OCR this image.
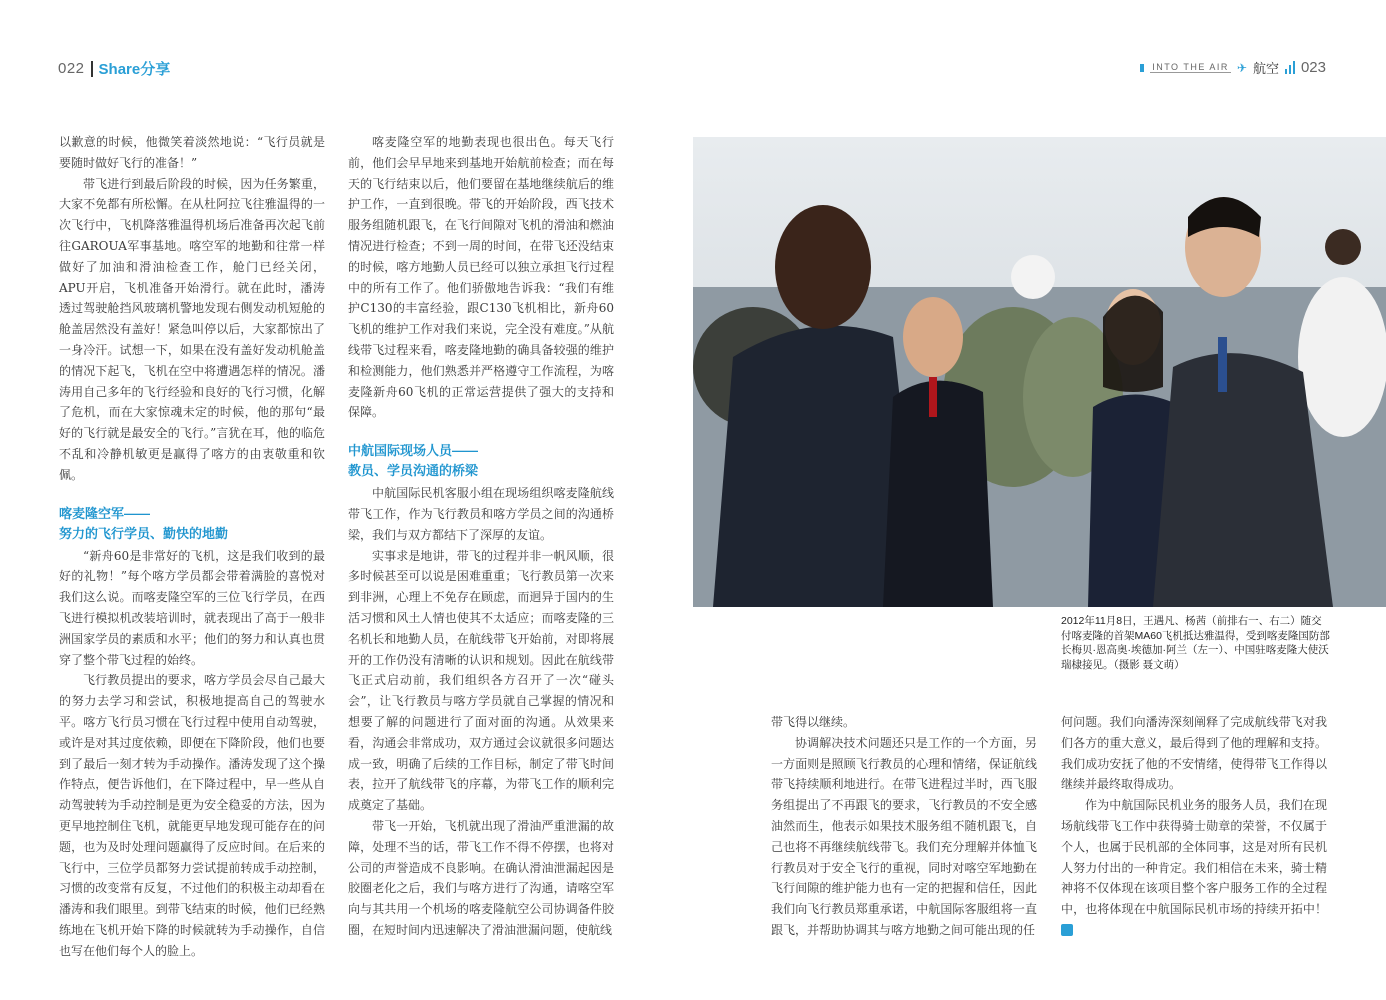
022 Share分享	INTO THE AIR ✈ 航空 023

以歉意的时候，他微笑着淡然地说：“飞行员就是要随时做好飞行的准备！”

带飞进行到最后阶段的时候，因为任务繁重，大家不免都有所松懈。在从杜阿拉飞往雅温得的一次飞行中，飞机降落雅温得机场后准备再次起飞前往GAROUA军事基地。喀空军的地勤和往常一样做好了加油和滑油检查工作，舱门已经关闭，APU开启，飞机准备开始滑行。就在此时，潘涛透过驾驶舱挡风玻璃机警地发现右侧发动机短舱的舱盖居然没有盖好！紧急叫停以后，大家都惊出了一身冷汗。试想一下，如果在没有盖好发动机舱盖的情况下起飞，飞机在空中将遭遇怎样的情况。潘涛用自己多年的飞行经验和良好的飞行习惯，化解了危机，而在大家惊魂未定的时候，他的那句“最好的飞行就是最安全的飞行。”言犹在耳，他的临危不乱和冷静机敏更是赢得了喀方的由衷敬重和钦佩。

喀麦隆空军——
努力的飞行学员、勤快的地勤

“新舟60是非常好的飞机，这是我们收到的最好的礼物！”每个喀方学员都会带着满脸的喜悦对我们这么说。而喀麦隆空军的三位飞行学员，在西飞进行模拟机改装培训时，就表现出了高于一般非洲国家学员的素质和水平；他们的努力和认真也贯穿了整个带飞过程的始终。

飞行教员提出的要求，喀方学员会尽自己最大的努力去学习和尝试，积极地提高自己的驾驶水平。喀方飞行员习惯在飞行过程中使用自动驾驶，或许是对其过度依赖，即便在下降阶段，他们也要到了最后一刻才转为手动操作。潘涛发现了这个操作特点，便告诉他们，在下降过程中，早一些从自动驾驶转为手动控制是更为安全稳妥的方法，因为更早地控制住飞机，就能更早地发现可能存在的问题，也为及时处理问题赢得了反应时间。在后来的飞行中，三位学员都努力尝试提前转成手动控制，习惯的改变常有反复，不过他们的积极主动却看在潘涛和我们眼里。到带飞结束的时候，他们已经熟练地在飞机开始下降的时候就转为手动操作，自信也写在他们每个人的脸上。

喀麦隆空军的地勤表现也很出色。每天飞行前，他们会早早地来到基地开始航前检查；而在每天的飞行结束以后，他们要留在基地继续航后的维护工作，一直到很晚。带飞的开始阶段，西飞技术服务组随机跟飞，在飞行间隙对飞机的滑油和燃油情况进行检查；不到一周的时间，在带飞还没结束的时候，喀方地勤人员已经可以独立承担飞行过程中的所有工作了。他们骄傲地告诉我：“我们有维护C130的丰富经验，跟C130飞机相比，新舟60飞机的维护工作对我们来说，完全没有难度。”从航线带飞过程来看，喀麦隆地勤的确具备较强的维护和检测能力，他们熟悉并严格遵守工作流程，为喀麦隆新舟60飞机的正常运营提供了强大的支持和保障。

中航国际现场人员——
教员、学员沟通的桥梁

中航国际民机客服小组在现场组织喀麦隆航线带飞工作，作为飞行教员和喀方学员之间的沟通桥梁，我们与双方都结下了深厚的友谊。

实事求是地讲，带飞的过程并非一帆风顺，很多时候甚至可以说是困难重重；飞行教员第一次来到非洲，心理上不免存在顾虑，而迥异于国内的生活习惯和风土人情也使其不太适应；而喀麦隆的三名机长和地勤人员，在航线带飞开始前，对即将展开的工作仍没有清晰的认识和规划。因此在航线带飞正式启动前，我们组织各方召开了一次“碰头会”，让飞行教员与喀方学员就自己掌握的情况和想要了解的问题进行了面对面的沟通。从效果来看，沟通会非常成功，双方通过会议就很多问题达成一致，明确了后续的工作目标，制定了带飞时间表，拉开了航线带飞的序幕，为带飞工作的顺利完成奠定了基础。

带飞一开始，飞机就出现了滑油严重泄漏的故障，处理不当的话，带飞工作不得不停摆，也将对公司的声誉造成不良影响。在确认滑油泄漏起因是胶圈老化之后，我们与喀方进行了沟通，请喀空军向与其共用一个机场的喀麦隆航空公司协调备件胶圈，在短时间内迅速解决了滑油泄漏问题，使航线

2012年11月8日，王遇凡、杨茜（前排右一、右二）随交付喀麦隆的首架MA60飞机抵达雅温得，受到喀麦隆国防部长梅贝·恩高奥·埃德加·阿兰（左一）、中国驻喀麦隆大使沃瑞棣接见。（摄影 聂文萌）

带飞得以继续。

协调解决技术问题还只是工作的一个方面，另一方面则是照顾飞行教员的心理和情绪，保证航线带飞持续顺利地进行。在带飞进程过半时，西飞服务组提出了不再跟飞的要求，飞行教员的不安全感油然而生，他表示如果技术服务组不随机跟飞，自己也将不再继续航线带飞。我们充分理解并体恤飞行教员对于安全飞行的重视，同时对喀空军地勤在飞行间隙的维护能力也有一定的把握和信任，因此我们向飞行教员郑重承诺，中航国际客服组将一直跟飞，并帮助协调其与喀方地勤之间可能出现的任

何问题。我们向潘涛深刻阐释了完成航线带飞对我们各方的重大意义，最后得到了他的理解和支持。我们成功安抚了他的不安情绪，使得带飞工作得以继续并最终取得成功。

作为中航国际民机业务的服务人员，我们在现场航线带飞工作中获得骑士勋章的荣誉，不仅属于个人，也属于民机部的全体同事，这是对所有民机人努力付出的一种肯定。我们相信在未来，骑士精神将不仅体现在该项目整个客户服务工作的全过程中，也将体现在中航国际民机市场的持续开拓中！ S
